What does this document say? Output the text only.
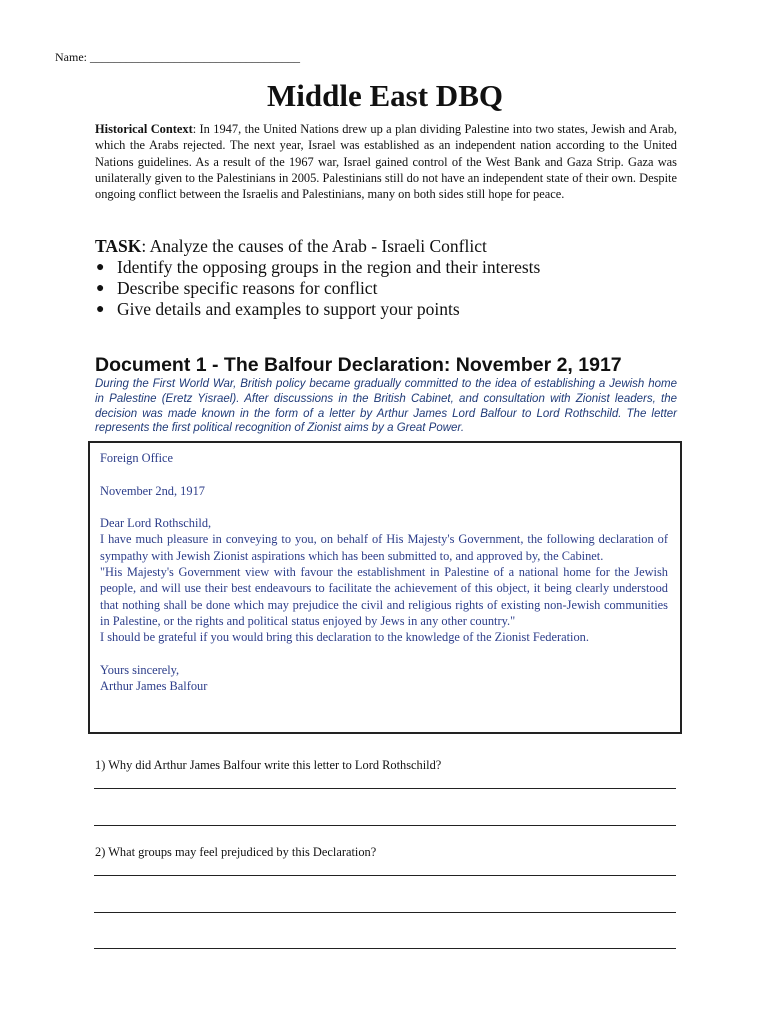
Name: ___________________________________
Middle East DBQ
Historical Context: In 1947, the United Nations drew up a plan dividing Palestine into two states, Jewish and Arab, which the Arabs rejected. The next year, Israel was established as an independent nation according to the United Nations guidelines. As a result of the 1967 war, Israel gained control of the West Bank and Gaza Strip. Gaza was unilaterally given to the Palestinians in 2005. Palestinians still do not have an independent state of their own. Despite ongoing conflict between the Israelis and Palestinians, many on both sides still hope for peace.
TASK: Analyze the causes of the Arab - Israeli Conflict
● Identify the opposing groups in the region and their interests
● Describe specific reasons for conflict
● Give details and examples to support your points
Document 1 - The Balfour Declaration: November 2, 1917
During the First World War, British policy became gradually committed to the idea of establishing a Jewish home in Palestine (Eretz Yisrael). After discussions in the British Cabinet, and consultation with Zionist leaders, the decision was made known in the form of a letter by Arthur James Lord Balfour to Lord Rothschild. The letter represents the first political recognition of Zionist aims by a Great Power.

Foreign Office

November 2nd, 1917

Dear Lord Rothschild,

I have much pleasure in conveying to you, on behalf of His Majesty's Government, the following declaration of sympathy with Jewish Zionist aspirations which has been submitted to, and approved by, the Cabinet.

"His Majesty's Government view with favour the establishment in Palestine of a national home for the Jewish people, and will use their best endeavours to facilitate the achievement of this object, it being clearly understood that nothing shall be done which may prejudice the civil and religious rights of existing non-Jewish communities in Palestine, or the rights and political status enjoyed by Jews in any other country."

I should be grateful if you would bring this declaration to the knowledge of the Zionist Federation.

Yours sincerely,

Arthur James Balfour

1) Why did Arthur James Balfour write this letter to Lord Rothschild?
2) What groups may feel prejudiced by this Declaration?
